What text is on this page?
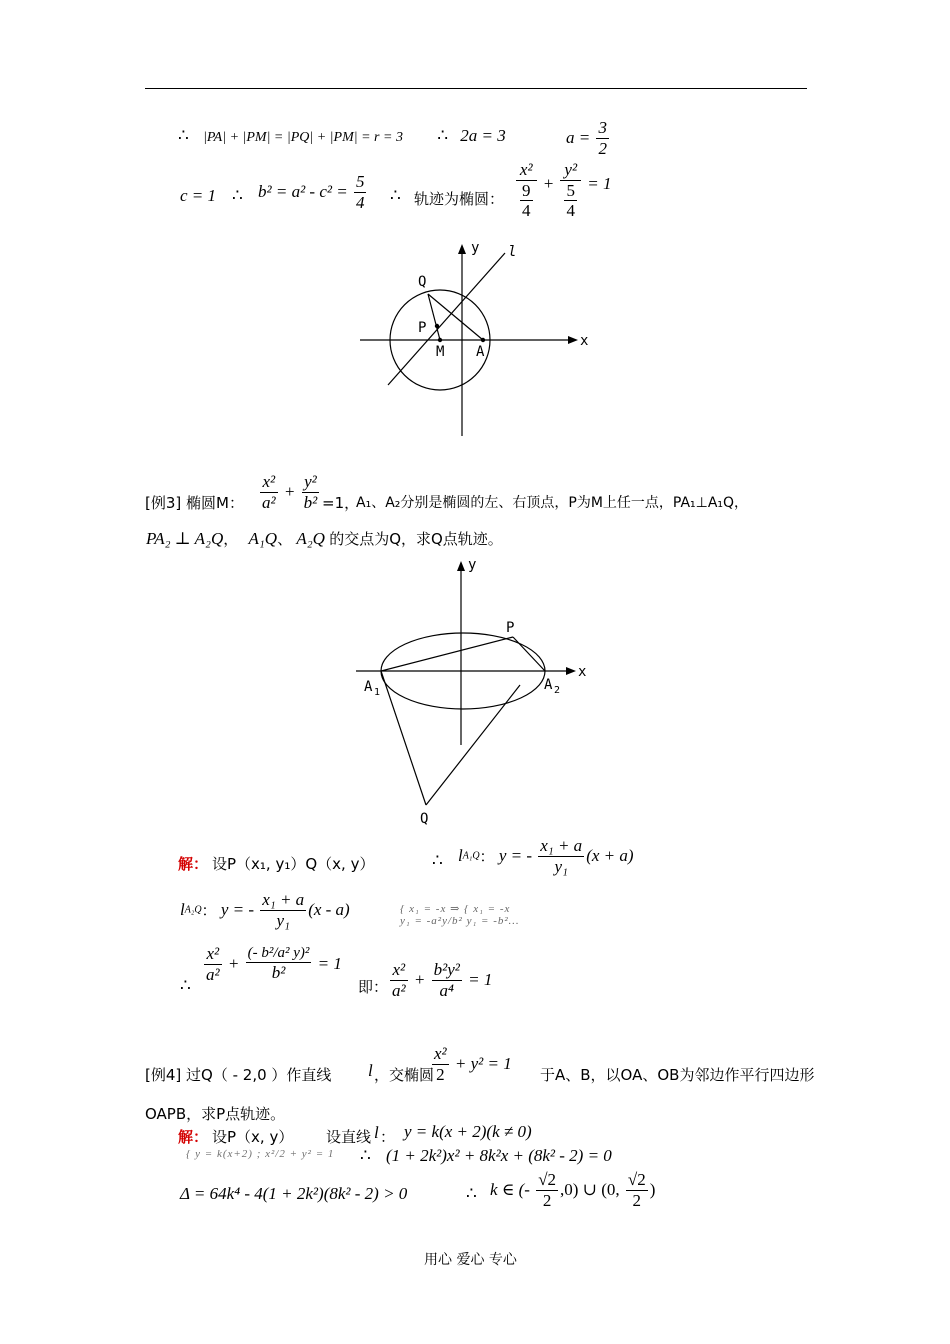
∴ |PA| + |PM| = |PQ| + |PM| = r = 3 ∴ 2a = 3	$a = \frac{3}{2}$
c = 1 ∴ $b^2 = a^2 - c^2 = \frac{5}{4}$ ∴ 轨迹为椭圆： $\frac{\text{x²}}{\frac{9}{4}} + \frac{\text{y²}}{\frac{5}{4}} = 1$
y
x
l
Q
P
M A
[例3] 椭圆M： $\frac{\text{x²}}{\text{a²}} + \frac{\text{y²}}{\text{b²}} =1$，
A₁、A₂分别是椭圆的左、右顶点，P为M上任一点，PA₁⊥A₁Q，
PA₂ ⊥ A₂Q， A₁Q、 A₂Q 的交点为Q，求Q点轨迹。
y
x
P
A 1	A 2
Q
解： 设P（x₁, y₁）Q（x, y）	∴ lA₁Q： y = - $\frac{\text{x₁ + a}}{\text{y₁}} (x + a)$
lA₂Q： y = - $\frac{\text{x₁ + a}}{\text{y₁}} (x - a)$	{ x₁ = -x ⇒ { x₁ = -x
y₁ = -a²y/b² y₁ = -b²…
∴
$\frac{\text{x²}}{\text{a²}} + \frac{\text{(- b²/a² y)²}}{\text{b²}} = 1$
即： $\frac{\text{x²}}{\text{a²}} + \frac{\text{b²y²}}{\text{a⁴}} = 1$
[例4] 过Q（ - 2,0 ）作直线 l ，交椭圆
$\frac{\text{x²}}{2} + y^2 = 1$
于A、B，以OA、OB为邻边作平行四边形
OAPB，求P点轨迹。
解： 设P（x, y） 设直线 l ： y = k(x + 2)(k ≠ 0)
{ y = k(x+2) ; x²/2 + y² = 1 ∴ (1 + 2k²)x² + 8k²x + (8k² - 2) = 0
Δ = 64k⁴ - 4(1 + 2k²)(8k² - 2) > 0	∴ k ∈ (- $\frac{√2}{2} ,0$) ∪ (0, $\frac{√2}{2}$ )
用心 爱心 专心
